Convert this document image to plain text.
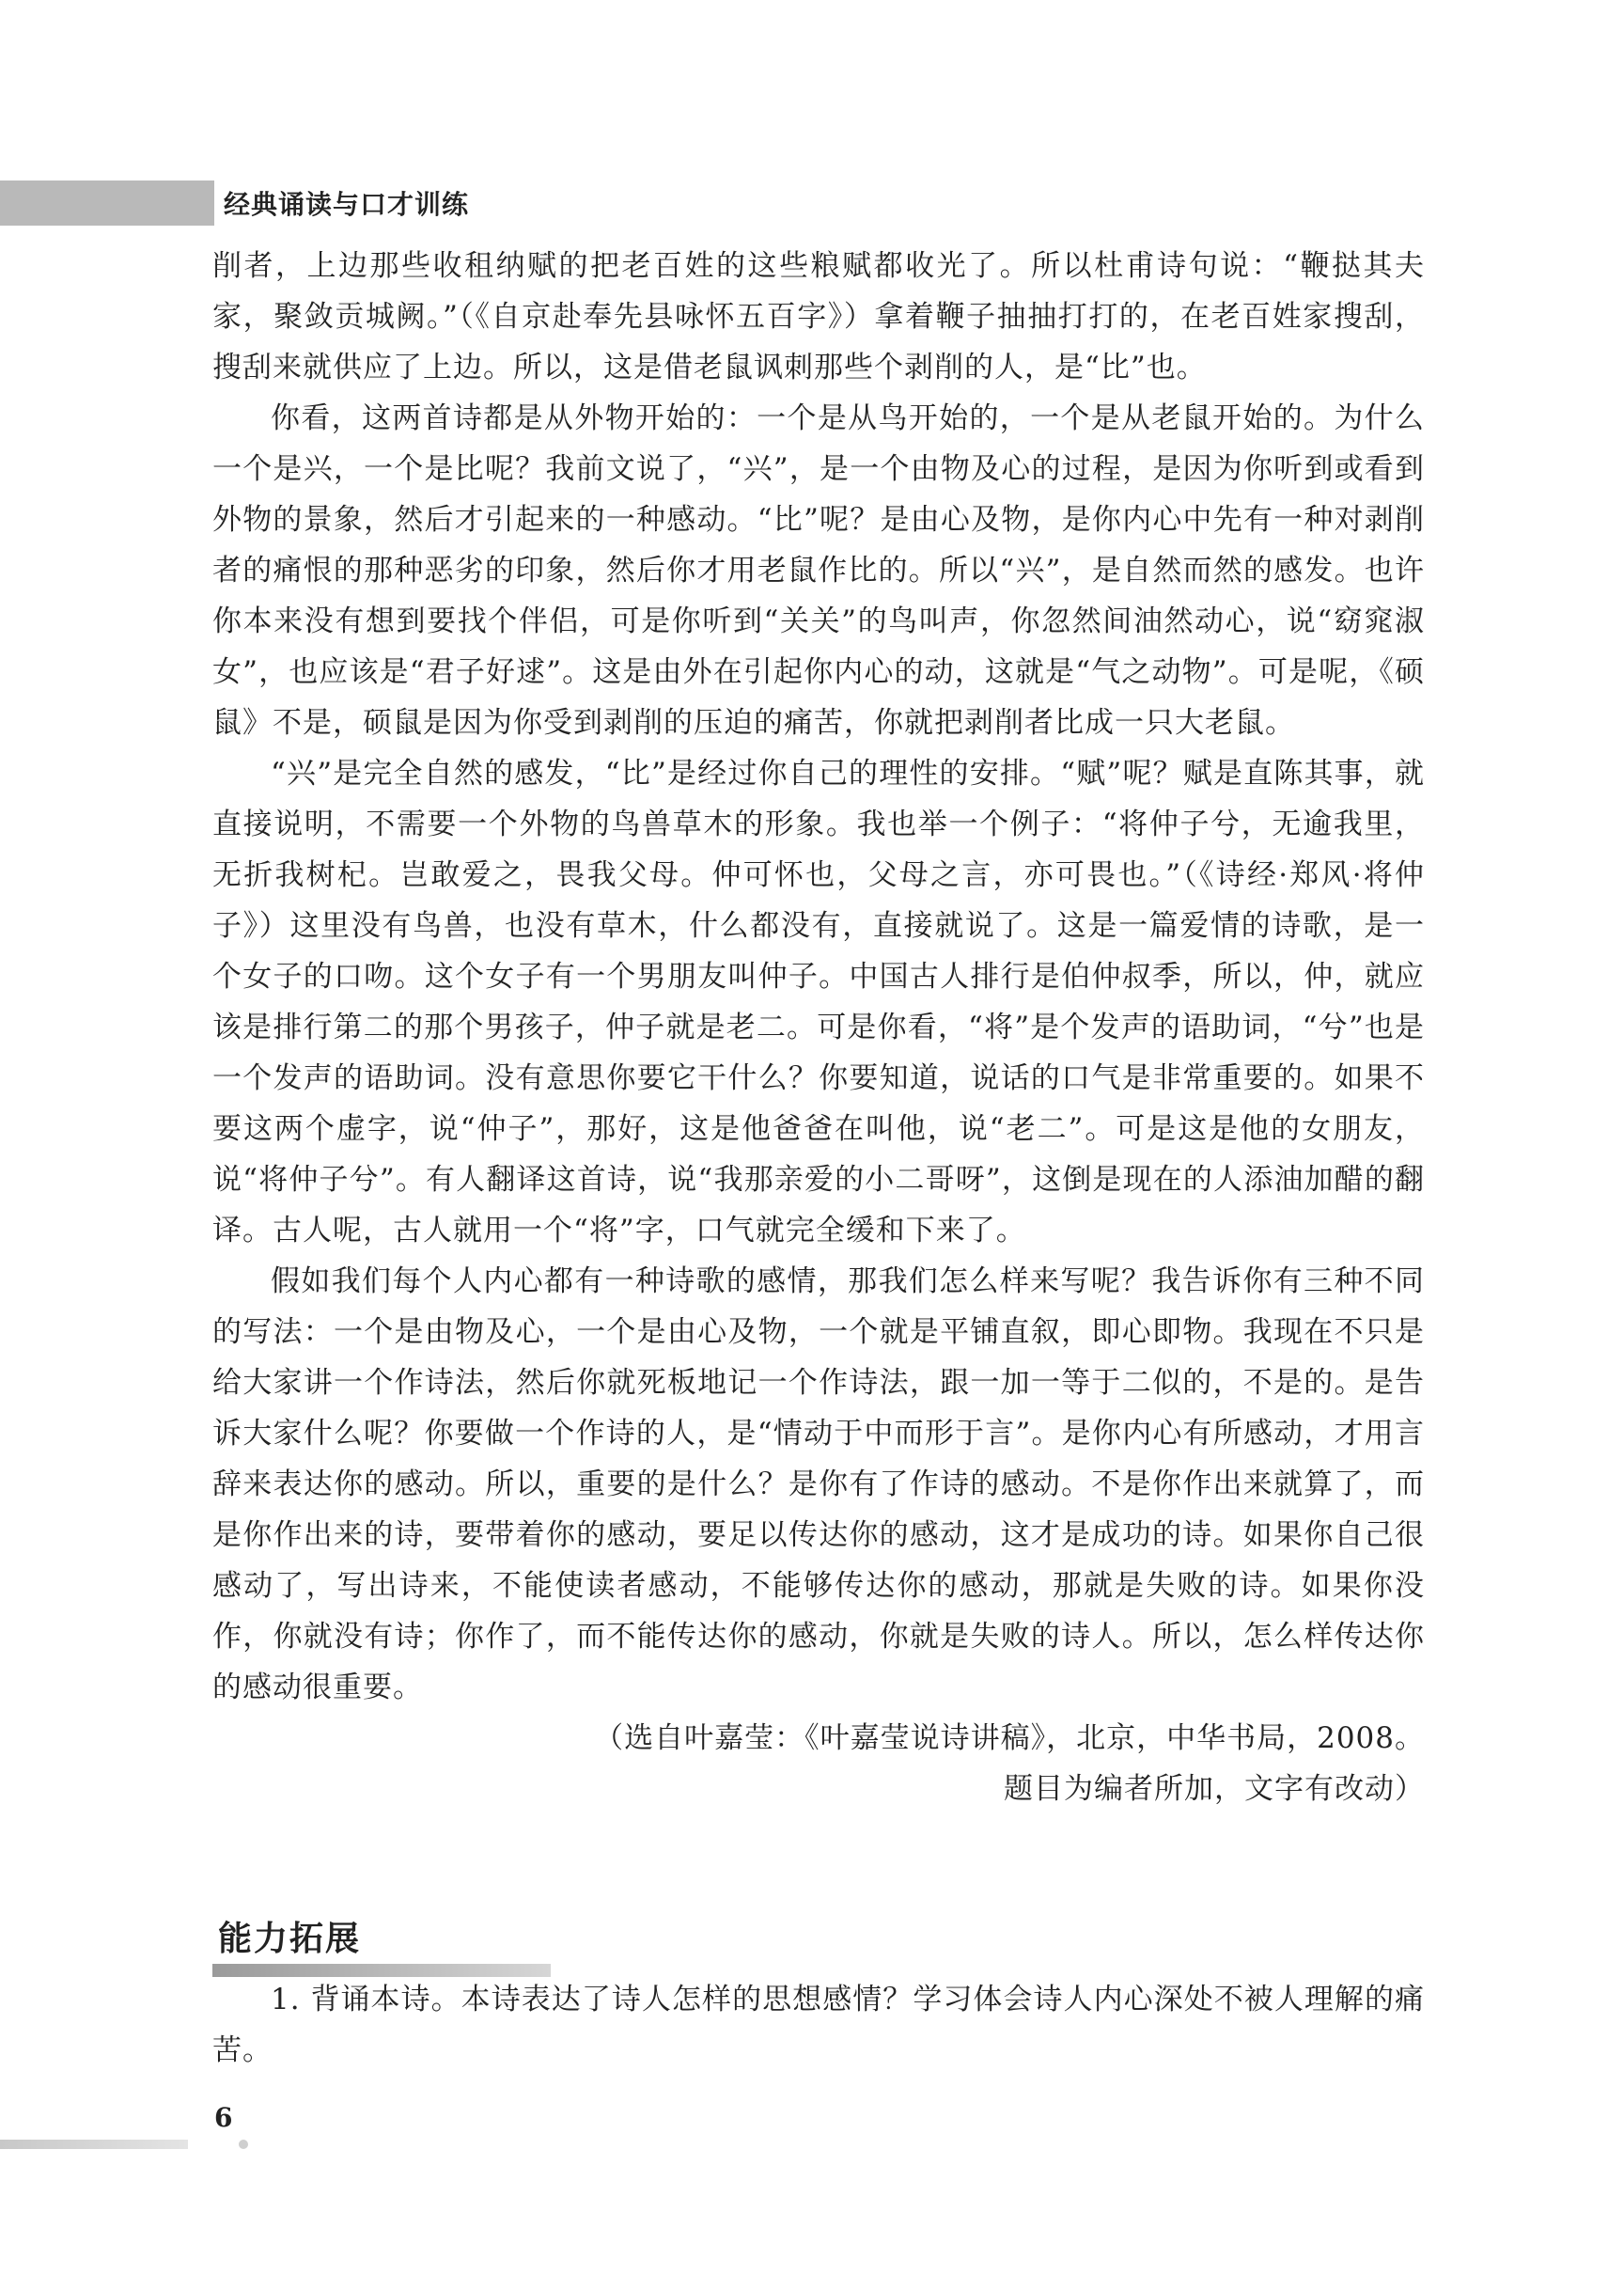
经典诵读与口才训练

削者，上边那些收租纳赋的把老百姓的这些粮赋都收光了。所以杜甫诗句说：“鞭挞其夫家，聚敛贡城阙。”（《自京赴奉先县咏怀五百字》）拿着鞭子抽抽打打的，在老百姓家搜刮，搜刮来就供应了上边。所以，这是借老鼠讽刺那些个剥削的人，是“比”也。

你看，这两首诗都是从外物开始的：一个是从鸟开始的，一个是从老鼠开始的。为什么一个是兴，一个是比呢？我前文说了，“兴”，是一个由物及心的过程，是因为你听到或看到外物的景象，然后才引起来的一种感动。“比”呢？是由心及物，是你内心中先有一种对剥削者的痛恨的那种恶劣的印象，然后你才用老鼠作比的。所以“兴”，是自然而然的感发。也许你本来没有想到要找个伴侣，可是你听到“关关”的鸟叫声，你忽然间油然动心，说“窈窕淑女”，也应该是“君子好逑”。这是由外在引起你内心的动，这就是“气之动物”。可是呢，《硕鼠》不是，硕鼠是因为你受到剥削的压迫的痛苦，你就把剥削者比成一只大老鼠。

“兴”是完全自然的感发，“比”是经过你自己的理性的安排。“赋”呢？赋是直陈其事，就直接说明，不需要一个外物的鸟兽草木的形象。我也举一个例子：“将仲子兮，无逾我里，无折我树杞。岂敢爱之，畏我父母。仲可怀也，父母之言，亦可畏也。”（《诗经·郑风·将仲子》）这里没有鸟兽，也没有草木，什么都没有，直接就说了。这是一篇爱情的诗歌，是一个女子的口吻。这个女子有一个男朋友叫仲子。中国古人排行是伯仲叔季，所以，仲，就应该是排行第二的那个男孩子，仲子就是老二。可是你看，“将”是个发声的语助词，“兮”也是一个发声的语助词。没有意思你要它干什么？你要知道，说话的口气是非常重要的。如果不要这两个虚字，说“仲子”，那好，这是他爸爸在叫他，说“老二”。可是这是他的女朋友，说“将仲子兮”。有人翻译这首诗，说“我那亲爱的小二哥呀”，这倒是现在的人添油加醋的翻译。古人呢，古人就用一个“将”字，口气就完全缓和下来了。

假如我们每个人内心都有一种诗歌的感情，那我们怎么样来写呢？我告诉你有三种不同的写法：一个是由物及心，一个是由心及物，一个就是平铺直叙，即心即物。我现在不只是给大家讲一个作诗法，然后你就死板地记一个作诗法，跟一加一等于二似的，不是的。是告诉大家什么呢？你要做一个作诗的人，是“情动于中而形于言”。是你内心有所感动，才用言辞来表达你的感动。所以，重要的是什么？是你有了作诗的感动。不是你作出来就算了，而是你作出来的诗，要带着你的感动，要足以传达你的感动，这才是成功的诗。如果你自己很感动了，写出诗来，不能使读者感动，不能够传达你的感动，那就是失败的诗。如果你没作，你就没有诗；你作了，而不能传达你的感动，你就是失败的诗人。所以，怎么样传达你的感动很重要。

（选自叶嘉莹：《叶嘉莹说诗讲稿》，北京，中华书局，2008。

题目为编者所加，文字有改动）

能力拓展

1. 背诵本诗。本诗表达了诗人怎样的思想感情？学习体会诗人内心深处不被人理解的痛苦。

6
